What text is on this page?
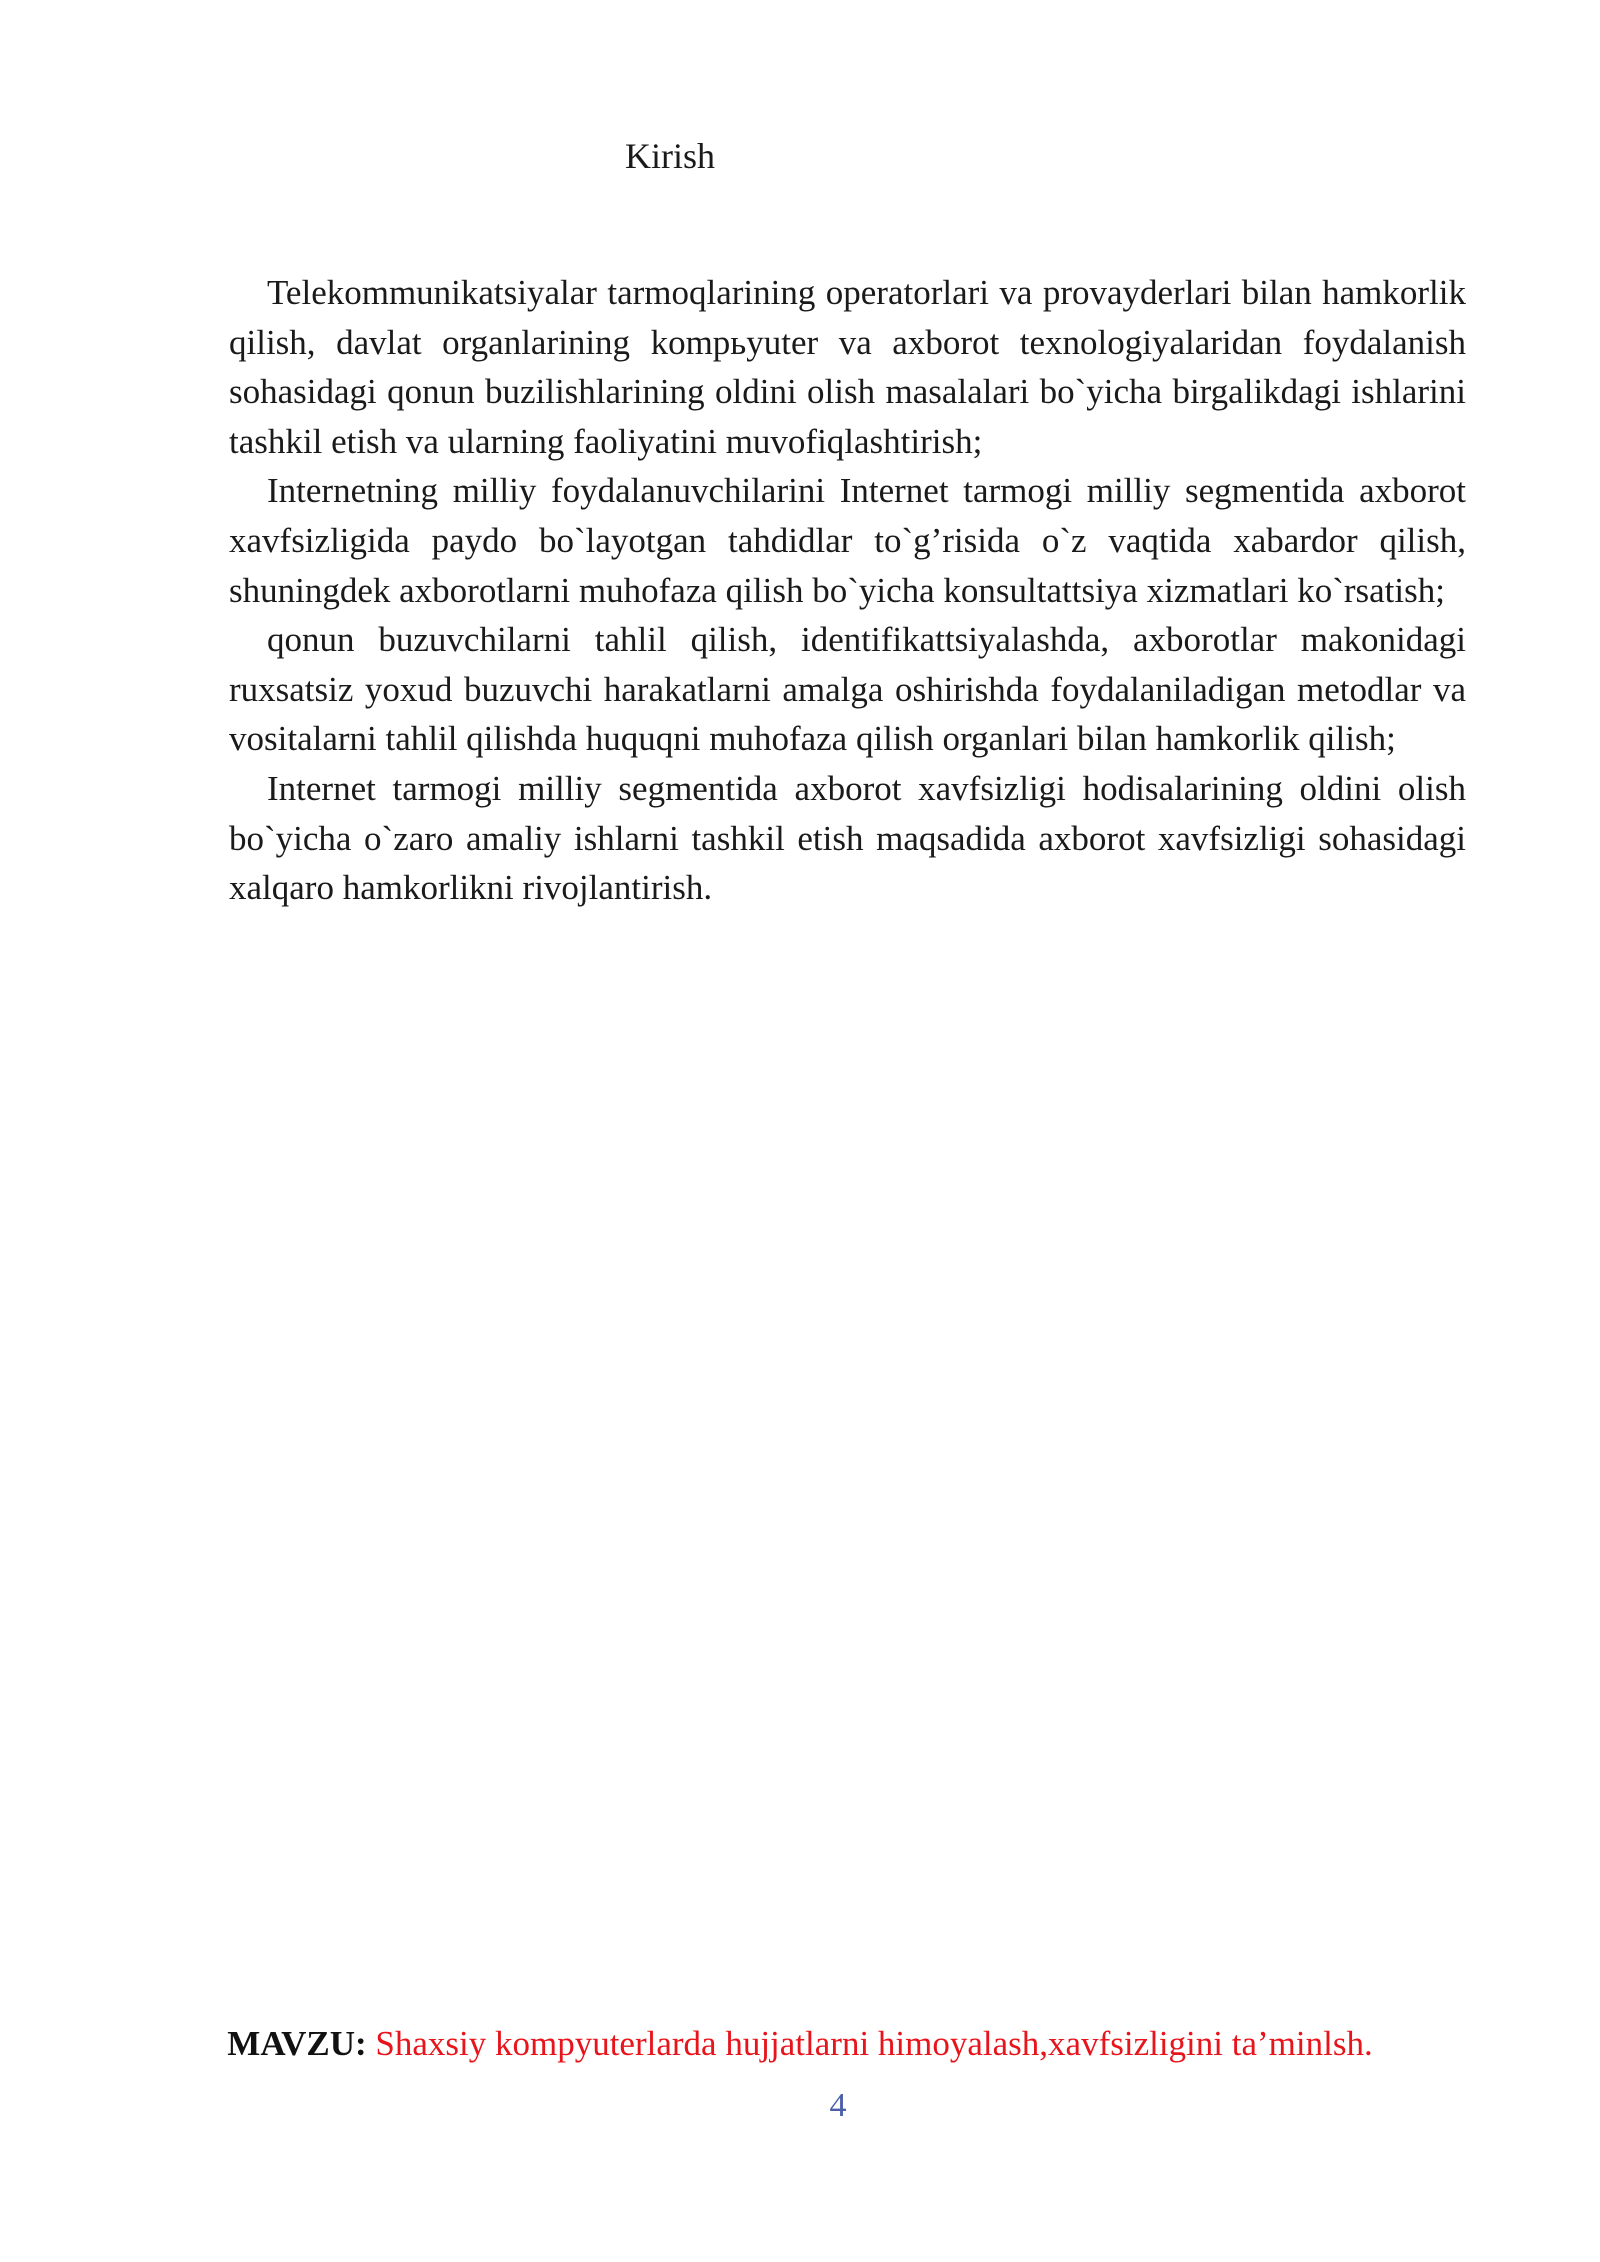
Kirish

Telekommunikatsiyalar tarmoqlarining operatorlari va provayderlari bilan hamkorlik qilish, davlat organlarining kompьyuter va axborot texnologiyalaridan foydalanish sohasidagi qonun buzilishlarining oldini olish masalalari bo`yicha birgalikdagi ishlarini tashkil etish va ularning faoliyatini muvofiqlashtirish;

Internetning milliy foydalanuvchilarini Internet tarmogi milliy segmentida axborot xavfsizligida paydo bo`layotgan tahdidlar to`g’risida o`z vaqtida xabardor qilish, shuningdek axborotlarni muhofaza qilish bo`yicha konsultattsiya xizmatlari ko`rsatish;

qonun buzuvchilarni tahlil qilish, identifikattsiyalashda, axborotlar makonidagi ruxsatsiz yoxud buzuvchi harakatlarni amalga oshirishda foydalaniladigan metodlar va vositalarni tahlil qilishda huquqni muhofaza qilish organlari bilan hamkorlik qilish;

Internet tarmogi milliy segmentida axborot xavfsizligi hodisalarining oldini olish bo`yicha o`zaro amaliy ishlarni tashkil etish maqsadida axborot xavfsizligi sohasidagi xalqaro hamkorlikni rivojlantirish.

MAVZU: Shaxsiy kompyuterlarda hujjatlarni himoyalash,xavfsizligini ta’minlsh.
4
